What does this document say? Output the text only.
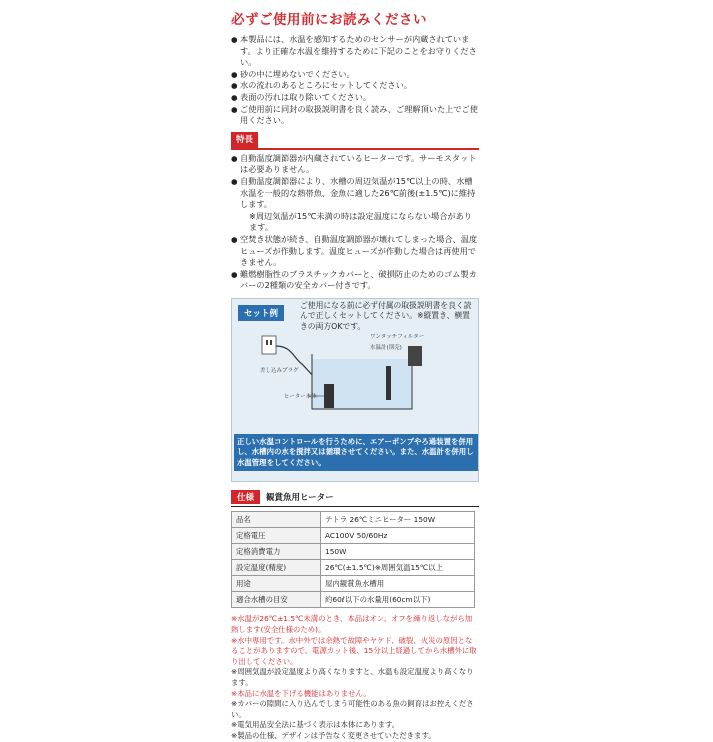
必ずご使用前にお読みください
● 本製品には、水温を感知するためのセンサーが内蔵されています。より正確な水温を維持するために下記のことをお守りください。
● 砂の中に埋めないでください。
● 水の流れのあるところにセットしてください。
● 表面の汚れは取り除いてください。
● ご使用前に同封の取扱説明書を良く読み、ご理解頂いた上でご使用ください。
特長
● 自動温度調節器が内蔵されているヒーターです。サーモスタットは必要ありません。
● 自動温度調節器により、水槽の周辺気温が15℃以上の時、水槽水温を一般的な熱帯魚、金魚に適した26℃前後(±1.5℃)に維持します。
※周辺気温が15℃未満の時は設定温度にならない場合があります。
● 空焚き状態が続き、自動温度調節器が壊れてしまった場合、温度ヒューズが作動します。温度ヒューズが作動した場合は再使用できません。
● 難燃樹脂性のプラスチックカバーと、破損防止のためのゴム製カバーの2種類の安全カバー付きです。
セット例
ご使用になる前に必ず付属の取扱説明書を良く読んで正しくセットしてください。※縦置き、横置きの両方OKです。
ワンタッチフィルター
水温計(別売)
差し込みプラグ
ヒーター本体
正しい水温コントロールを行うために、エアーポンプやろ過装置を併用し、水槽内の水を撹拌又は循環させてください。また、水温計を併用し水温管理をしてください。
仕様	観賞魚用ヒーター
品名	テトラ 26℃ミニヒーター 150W
定格電圧	AC100V 50/60Hz
定格消費電力	150W
設定温度(精度)	26℃(±1.5℃)※周囲気温15℃以上
用途	屋内観賞魚水槽用
適合水槽の目安	約60ℓ以下の水量用(60cm以下)

※水温が26℃±1.5℃未満のとき、本品はオン、オフを繰り返しながら加熱します(安全仕様のため)。

※水中専用です。水中外では余熱で故障やヤケド、破裂、火災の原因となることがありますので、電源カット後、15分以上経過してから水槽外に取り出してください。

※周囲気温が設定温度より高くなりますと、水温も設定温度より高くなります。

※本品に水温を下げる機能はありません。

※カバーの隙間に入り込んでしまう可能性のある魚の飼育はお控えください。

※電気用品安全法に基づく表示は本体にあります。

※製品の仕様、デザインは予告なく変更させていただきます。
